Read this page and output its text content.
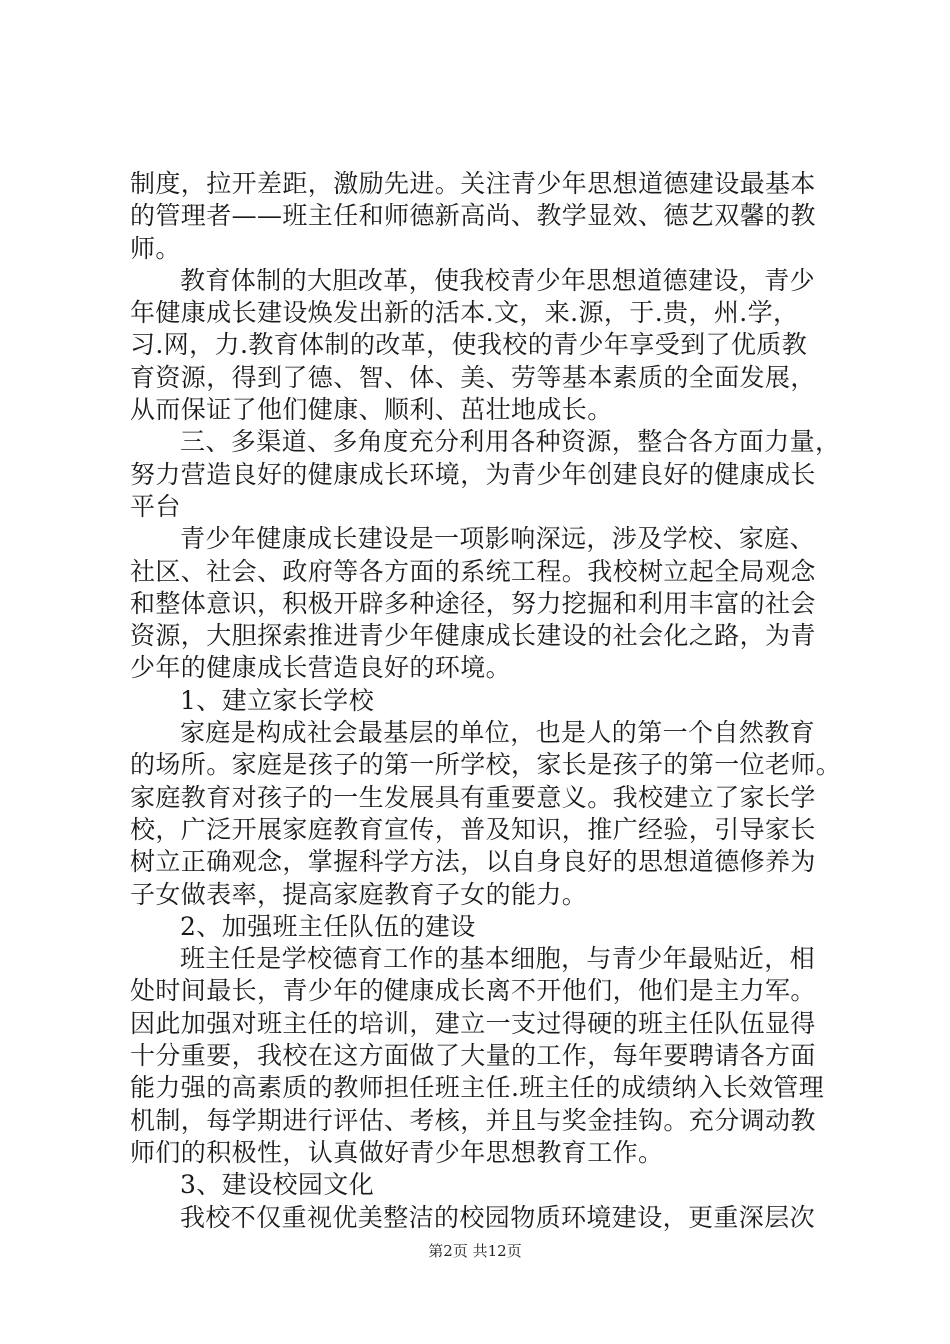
制度，拉开差距，激励先进。关注青少年思想道德建设最基本
的管理者——班主任和师德新高尚、教学显效、德艺双馨的教
师。
教育体制的大胆改革，使我校青少年思想道德建设，青少
年健康成长建设焕发出新的活本.文，来.源，于.贵，州.学，
习.网，力.教育体制的改革，使我校的青少年享受到了优质教
育资源，得到了德、智、体、美、劳等基本素质的全面发展，
从而保证了他们健康、顺利、茁壮地成长。
三、多渠道、多角度充分利用各种资源，整合各方面力量，
努力营造良好的健康成长环境，为青少年创建良好的健康成长
平台
青少年健康成长建设是一项影响深远，涉及学校、家庭、
社区、社会、政府等各方面的系统工程。我校树立起全局观念
和整体意识，积极开辟多种途径，努力挖掘和利用丰富的社会
资源，大胆探索推进青少年健康成长建设的社会化之路，为青
少年的健康成长营造良好的环境。
1、建立家长学校
家庭是构成社会最基层的单位，也是人的第一个自然教育
的场所。家庭是孩子的第一所学校，家长是孩子的第一位老师。
家庭教育对孩子的一生发展具有重要意义。我校建立了家长学
校，广泛开展家庭教育宣传，普及知识，推广经验，引导家长
树立正确观念，掌握科学方法，以自身良好的思想道德修养为
子女做表率，提高家庭教育子女的能力。
2、加强班主任队伍的建设
班主任是学校德育工作的基本细胞，与青少年最贴近，相
处时间最长，青少年的健康成长离不开他们，他们是主力军。
因此加强对班主任的培训，建立一支过得硬的班主任队伍显得
十分重要，我校在这方面做了大量的工作，每年要聘请各方面
能力强的高素质的教师担任班主任.班主任的成绩纳入长效管理
机制，每学期进行评估、考核，并且与奖金挂钩。充分调动教
师们的积极性，认真做好青少年思想教育工作。
3、建设校园文化
我校不仅重视优美整洁的校园物质环境建设，更重深层次
第2页 共12页
